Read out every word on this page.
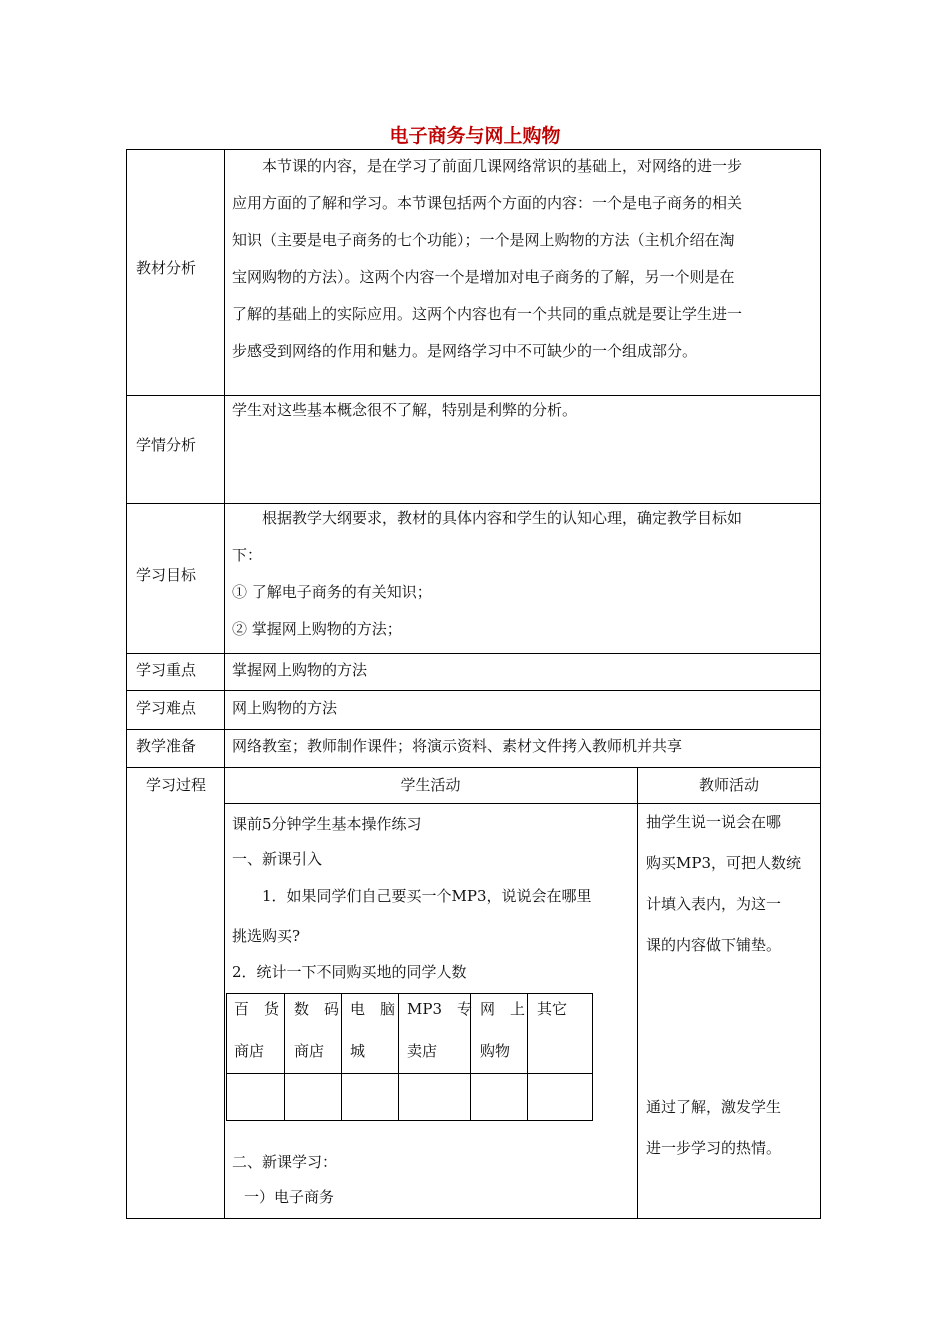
电子商务与网上购物
教材分析

本节课的内容，是在学习了前面几课网络常识的基础上，对网络的进一步

应用方面的了解和学习。本节课包括两个方面的内容：一个是电子商务的相关

知识（主要是电子商务的七个功能）；一个是网上购物的方法（主机介绍在淘

宝网购物的方法）。这两个内容一个是增加对电子商务的了解，另一个则是在

了解的基础上的实际应用。这两个内容也有一个共同的重点就是要让学生进一

步感受到网络的作用和魅力。是网络学习中不可缺少的一个组成部分。

学情分析
学生对这些基本概念很不了解，特别是利弊的分析。
学习目标

根据教学大纲要求，教材的具体内容和学生的认知心理，确定教学目标如

下：

① 了解电子商务的有关知识；

② 掌握网上购物的方法；

学习重点 掌握网上购物的方法
学习难点 网上购物的方法
教学准备 网络教室；教师制作课件；将演示资料、素材文件拷入教师机并共享
学习过程	学生活动	教师活动
课前5分钟学生基本操作练习
一、新课引入
1．如果同学们自己要买一个MP3，说说会在哪里
挑选购买?
2．统计一下不同购买地的同学人数
百　货
商店
数　码
商店
电　脑
城
MP3　专
卖店
网　上
购物
其它
二、新课学习：
一）电子商务
抽学生说一说会在哪
购买MP3，可把人数统
计填入表内，为这一
课的内容做下铺垫。
通过了解，激发学生
进一步学习的热情。
